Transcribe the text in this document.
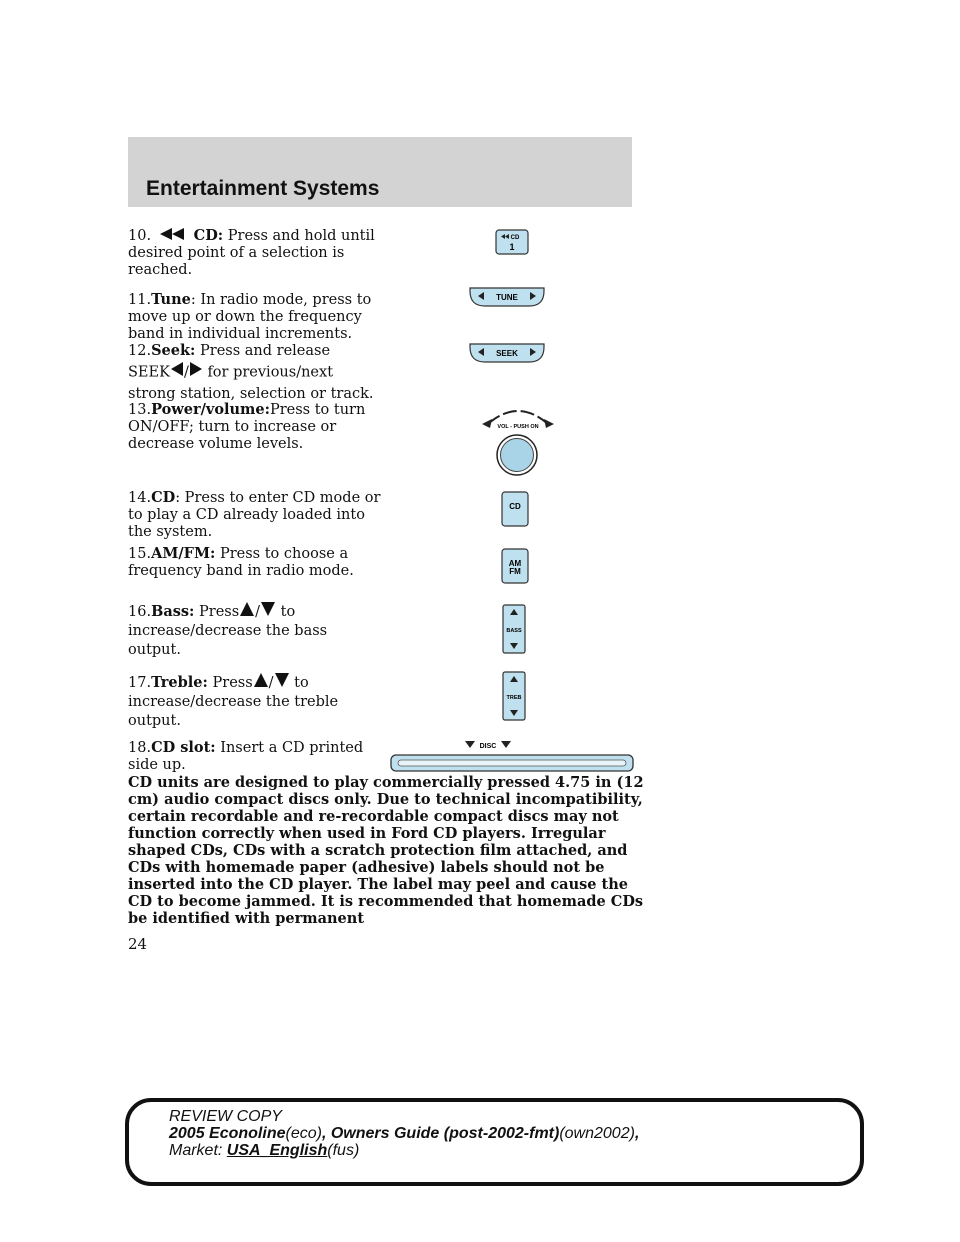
Entertainment Systems
10.	CD: Press and hold until desired point of a selection is reached.
11.Tune: In radio mode, press to move up or down the frequency band in individual increments.
12.Seek: Press and release
SEEK / for previous/next strong station, selection or track.
13.Power/volume:Press to turn ON/OFF; turn to increase or decrease volume levels.
14.CD: Press to enter CD mode or to play a CD already loaded into the system.
15.AM/FM: Press to choose a frequency band in radio mode.
16.Bass: Press / to
increase/decrease the bass output.
17.Treble: Press / to
increase/decrease the treble output.
18.CD slot: Insert a CD printed side up.
CD
1
TUNE
SEEK
VOL - PUSH ON
CD
AM
FM
BASS
TREB
DISC
CD units are designed to play commercially pressed 4.75 in (12 cm) audio compact discs only. Due to technical incompatibility, certain recordable and re-recordable compact discs may not function correctly when used in Ford CD players. Irregular shaped CDs, CDs with a scratch protection film attached, and CDs with homemade paper (adhesive) labels should not be inserted into the CD player. The label may peel and cause the CD to become jammed. It is recommended that homemade CDs be identified with permanent
24
REVIEW COPY
2005 Econoline(eco), Owners Guide (post-2002-fmt)(own2002),
Market: USA_English(fus)
